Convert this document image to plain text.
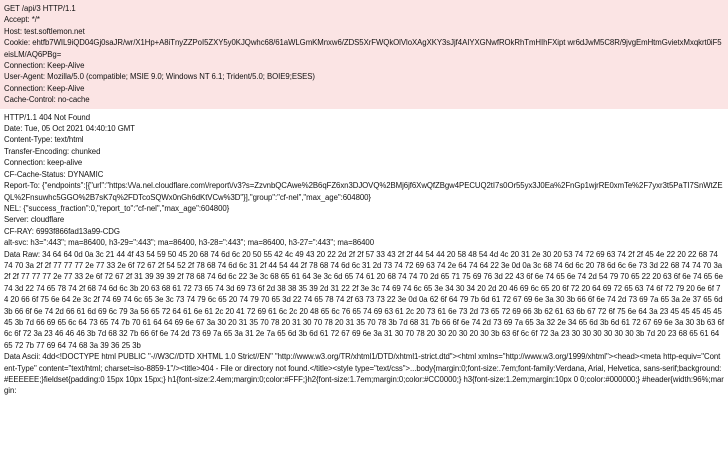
GET /api/3 HTTP/1.1
Accept: */*
Host: test.softlemon.net
Cookie: ehtfb7WIL9iQD04Gj0saJR/wr/X1Hp+A8iTnyZZPoI5ZXY5y0KJQwhc68/61aWLGmKMnxw6/ZDS5XrFWQkOlVloXAgXKY3sJjf4AIYXGNwfROkRhTmHIhFXipt wr6dJwM5C8R/9jvgEmHtmGvietxMxqkrt0iF5eisLM/AQ6PBg=
Connection: Keep-Alive
User-Agent: Mozilla/5.0 (compatible; MSIE 9.0; Windows NT 6.1; Trident/5.0; BOIE9;ESES)
Connection: Keep-Alive
Cache-Control: no-cache
HTTP/1.1 404 Not Found
Date: Tue, 05 Oct 2021 04:40:10 GMT
Content-Type: text/html
Transfer-Encoding: chunked
Connection: keep-alive
CF-Cache-Status: DYNAMIC
Report-To: {"endpoints":[{"url":"https:\/\/a.nel.cloudflare.com\/report\/v3?s=ZzvnbQCAwe%2B6qFZ6xn3DJOVQ%2BMj6jf6XwQfZBgw4PECUQ2tI7s0Or55yx3J0Ea%2FnGp1wjrRE0xmTe%2F7yxr3t5PaTI7SnWtZEQL%2Fnsuwhc5GGO%2B7sK7q%2FDTcoSQWx0nGh6dKtVCw%3D"}],"group":"cf-nel","max_age":604800}
NEL: {"success_fraction":0,"report_to":"cf-nel","max_age":604800}
Server: cloudflare
CF-RAY: 6993f866fad13a99-CDG
alt-svc: h3=":443"; ma=86400, h3-29=":443"; ma=86400, h3-28=":443"; ma=86400, h3-27=":443"; ma=86400
Data Raw: 34 64 64 0d 0a 3c 21 44 4f 43 54 59 50 45 20 68 74 6d 6c 20 50 55 42 4c 49 43 20 22 2d 2f 2f 57 33 43 2f 2f 44 54 44 20 58 48 54 4d 4c 20 31 2e 30 20 53 74 72 69 63 74 2f 2f 45 4e 22 20 22 68 74 74 70 3a 2f 2f 77 77 77 2e 77 33 2e 6f 72 67 2f 54 52 2f 78 68 74 6d 6c 31 2f 44 54 44 2f 78 68 74 6d 6c 31 2d 73 74 72 69 63 74 2e 64 74 64 22 3e 0d 0a 3c 68 74 6d 6c 20 78 6d 6c 6e 73 3d 22 68 74 74 70 3a 2f 2f 77 77 77 2e 77 33 2e 6f 72 67 2f 31 39 39 39 2f 78 68 74 6d 6c 22 3e 3c 68 65 61 64 3e 3c 6d 65 74 61 20 68 74 74 70 2d 65 71 75 69 76 3d 22 43 6f 6e 74 65 6e 74 2d 54 79 70 65 22 20 63 6f 6e 74 65 6e 74 3d 22 74 65 78 74 2f 68 74 6d 6c 3b 20 63 68 61 72 73 65 74 3d 69 73 6f 2d 38 38 35 39 2d 31 22 2f 3e 3c 74 69 74 6c 65 3e 34 30 34 20 2d 20 46 69 6c 65 20 6f 72 20 64 69 72 65 63 74 6f 72 79 20 6e 6f 74 20 66 6f 75 6e 64 2e 3c 2f 74 69 74 6c 65 3e 3c 73 74 79 6c 65 20 74 79 70 65 3d 22 74 65 78 74 2f 63 73 73 22 3e 0d 0a 62 6f 64 79 7b 6d 61 72 67 69 6e 3a 30 3b 66 6f 6e 74 2d 73 69 7a 65 3a 2e 37 65 6d 3b 66 6f 6e 74 2d 66 61 6d 69 6c 79 3a 56 65 72 64 61 6e 61 2c 20 41 72 69 61 6c 2c 20 48 65 6c 76 65 74 69 63 61 2c 20 73 61 6e 73 2d 73 65 72 69 66 3b 62 61 63 6b 67 72 6f 75 6e 64 3a 23 45 45 45 45 45 45 3b 7d 66 69 65 6c 64 73 65 74 7b 70 61 64 64 69 6e 67 3a 30 20 31 35 70 78 20 31 30 70 78 20 31 35 70 78 3b 7d 68 31 7b 66 6f 6e 74 2d 73 69 7a 65 3a 32 2e 34 65 6d 3b 6d 61 72 67 69 6e 3a 30 3b 63 6f 6c 6f 72 3a 23 46 46 46 3b 7d 68 32 7b 66 6f 6e 74 2d 73 69 7a 65 3a 31 2e 7a 65 6d 3b 6d 61 72 67 69 6e 3a 31 30 70 78 20 30 20 30 20 30 3b 63 6f 6c 6f 72 3a 23 30 30 30 30 30 30 3b 7d 20 23 68 65 61 64 65 72 7b 77 69 64 74 68 3a 39 36 25 3b
Data Ascii: 4dd<!DOCTYPE html PUBLIC "-//W3C//DTD XHTML 1.0 Strict//EN" "http://www.w3.org/TR/xhtml1/DTD/xhtml1-strict.dtd"><html xmlns="http://www.w3.org/1999/xhtml"><head><meta http-equiv="Content-Type" content="text/html; charset=iso-8859-1"/><title>404 - File or directory not found.</title><style type="text/css">...body{margin:0;font-size:.7em;font-family:Verdana, Arial, Helvetica, sans-serif;background:#EEEEEE;}fieldset{padding:0 15px 10px 15px;} h1{font-size:2.4em;margin:0;color:#FFF;}h2{font-size:1.7em;margin:0;color:#CC0000;} h3{font-size:1.2em;margin:10px 0 0;color:#000000;} #header{width:96%;margin:
